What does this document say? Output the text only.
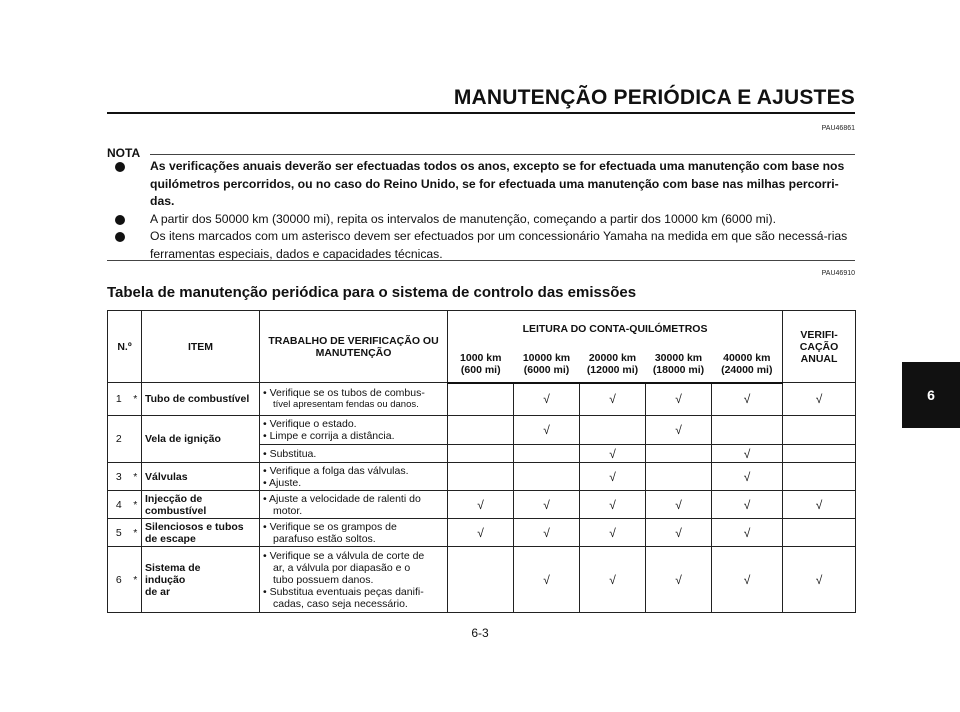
MANUTENÇÃO PERIÓDICA E AJUSTES
PAU46861
NOTA
As verificações anuais deverão ser efectuadas todos os anos, excepto se for efectuada uma manutenção com base nos quilómetros percorridos, ou no caso do Reino Unido, se for efectuada uma manutenção com base nas milhas percorri-das.
A partir dos 50000 km (30000 mi), repita os intervalos de manutenção, começando a partir dos 10000 km (6000 mi).
Os itens marcados com um asterisco devem ser efectuados por um concessionário Yamaha na medida em que são necessá-rias ferramentas especiais, dados e capacidades técnicas.
PAU46910
Tabela de manutenção periódica para o sistema de controlo das emissões
N.º		ITEM	TRABALHO DE VERIFICAÇÃO OU MANUTENÇÃO	LEITURA DO CONTA-QUILÓMETROS					VERIFI-CAÇÃO ANUAL
				1000 km (600 mi)	10000 km (6000 mi)	20000 km (12000 mi)	30000 km (18000 mi)	40000 km (24000 mi)	
1	*	Tubo de combustível	• Verifique se os tubos de combus-
tível apresentam fendas ou danos.		√	√	√	√	√
2		Vela de ignição	• Verifique o estado.
• Limpe e corrija a distância.		√		√		
			• Substitua.			√		√	
3	*	Válvulas	• Verifique a folga das válvulas.
• Ajuste.			√		√	
4	*	Injecção de
combustível	• Ajuste a velocidade de ralenti do
motor.	√	√	√	√	√	√
5	*	Silenciosos e tubos
de escape	• Verifique se os grampos de
parafuso estão soltos.	√	√	√	√	√	
6	*	Sistema de
indução
de ar	• Verifique se a válvula de corte de
ar, a válvula por diapasão e o
tubo possuem danos.
• Substitua eventuais peças danifi-
cadas, caso seja necessário.		√	√	√	√	√
6
6-3
